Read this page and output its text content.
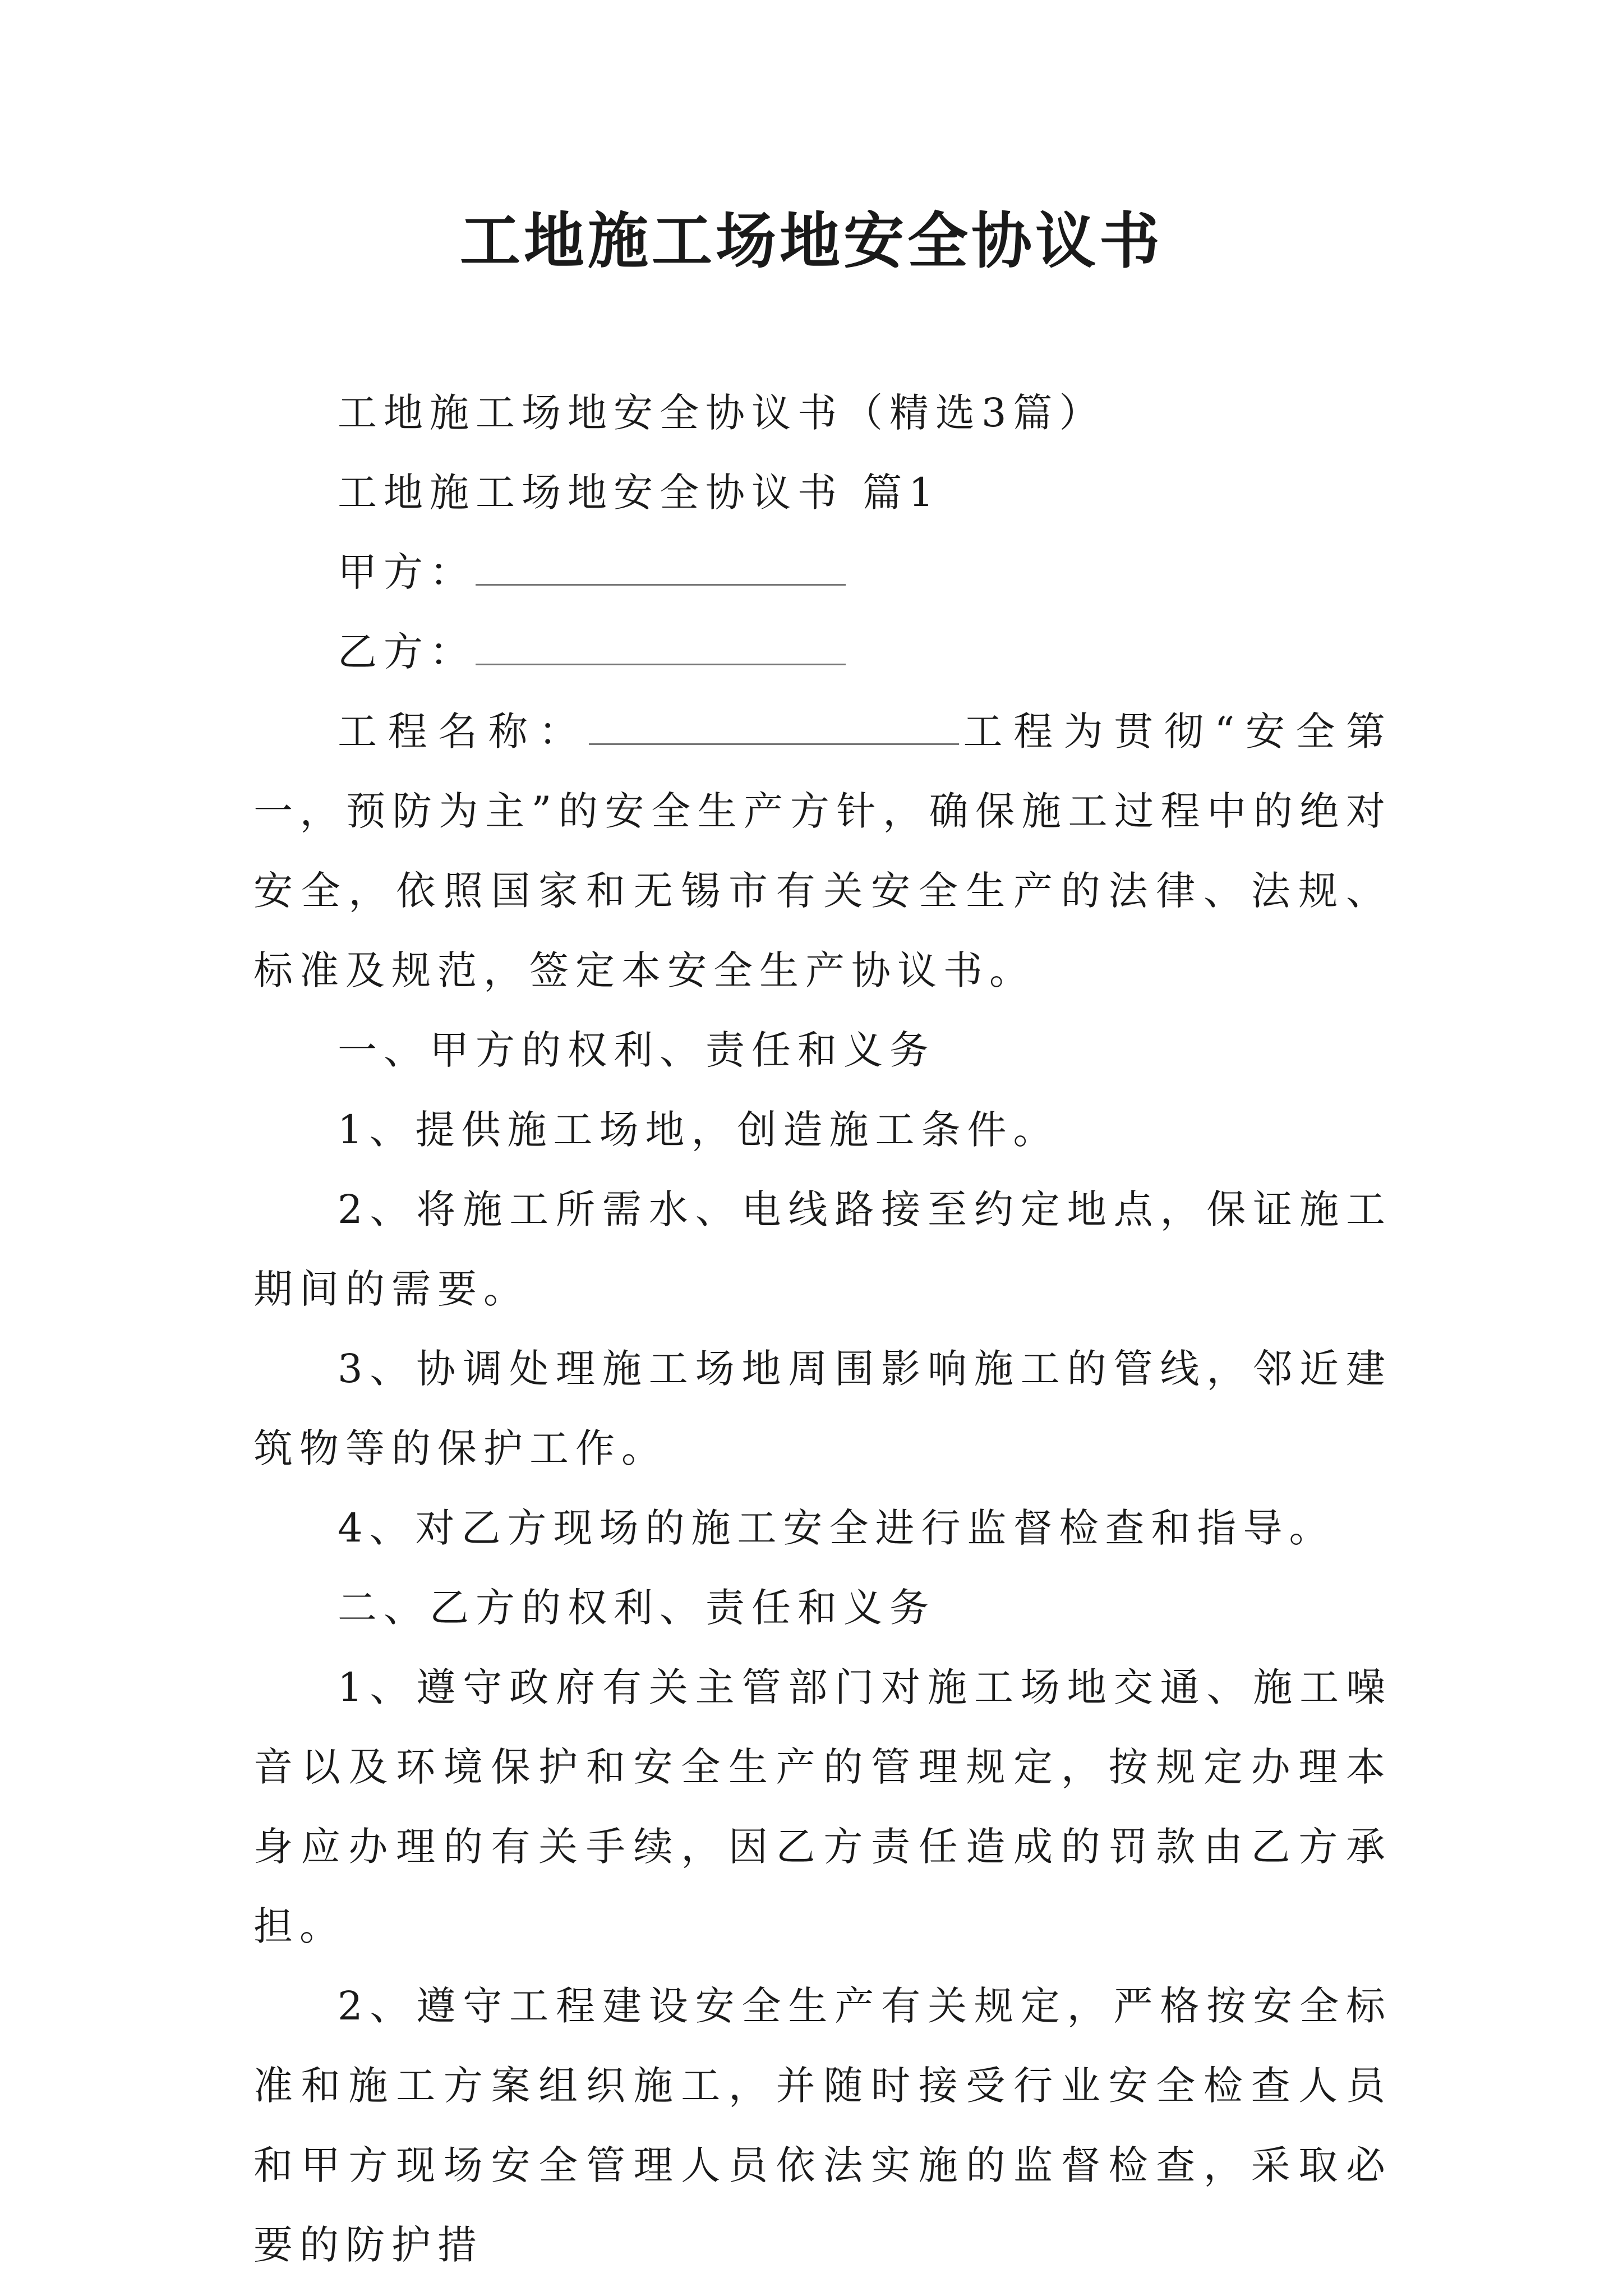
工地施工场地安全协议书

工地施工场地安全协议书（精选3篇）

工地施工场地安全协议书 篇1

甲方：

乙方：

工程名称：	工程为贯彻“安全第一，预防为主”的安全生产方针，确保施工过程中的绝对安全，依照国家和无锡市有关安全生产的法律、法规、标准及规范，签定本安全生产协议书。

一、甲方的权利、责任和义务

1、提供施工场地，创造施工条件。

2、将施工所需水、电线路接至约定地点，保证施工期间的需要。

3、协调处理施工场地周围影响施工的管线，邻近建筑物等的保护工作。

4、对乙方现场的施工安全进行监督检查和指导。

二、乙方的权利、责任和义务

1、遵守政府有关主管部门对施工场地交通、施工噪音以及环境保护和安全生产的管理规定，按规定办理本身应办理的有关手续，因乙方责任造成的罚款由乙方承担。

2、遵守工程建设安全生产有关规定，严格按安全标准和施工方案组织施工，并随时接受行业安全检查人员和甲方现场安全管理人员依法实施的监督检查，采取必要的防护措
